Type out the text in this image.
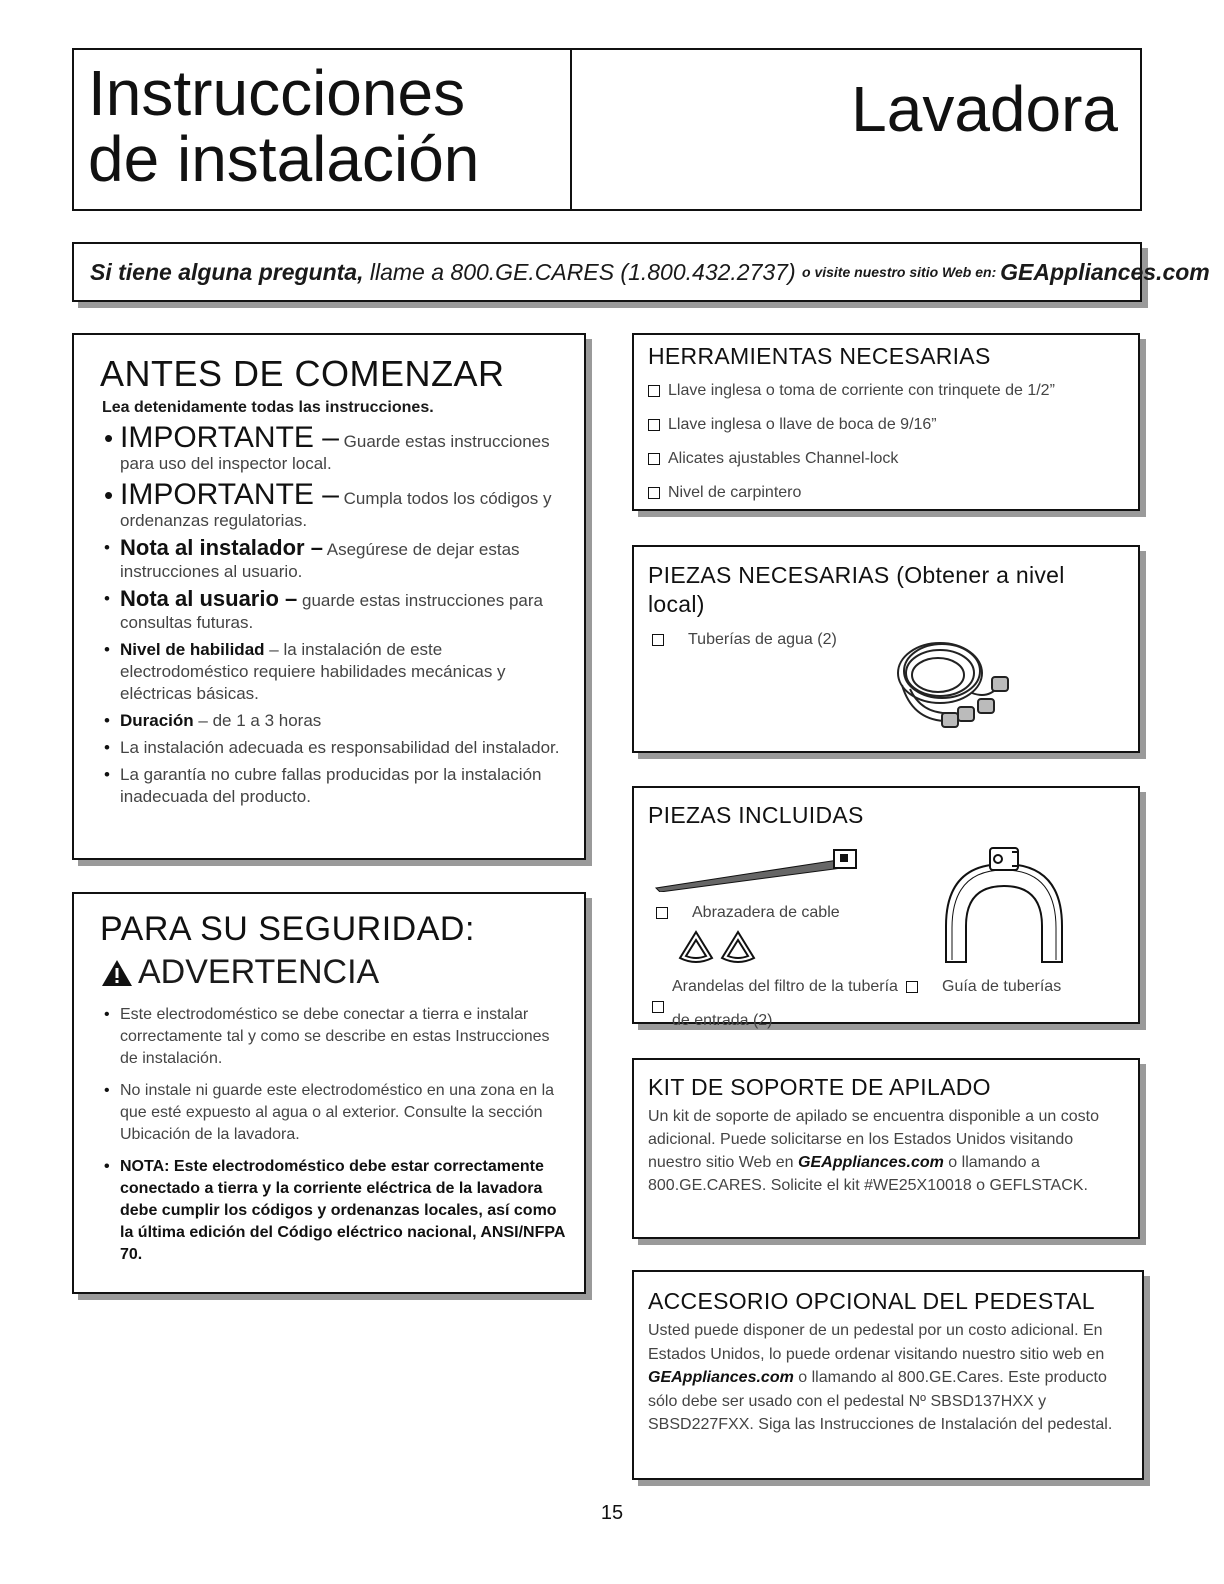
Instrucciones
de instalación
Lavadora
Si tiene alguna pregunta, llame a 800.GE.CARES (1.800.432.2737) o visite nuestro sitio Web en: GEAppliances.com
ANTES DE COMENZAR
Lea detenidamente todas las instrucciones.
• IMPORTANTE – Guarde estas instrucciones para uso del inspector local.
• IMPORTANTE – Cumpla todos los códigos y ordenanzas regulatorias.
• Nota al instalador – Asegúrese de dejar estas instrucciones al usuario.
• Nota al usuario – guarde estas instrucciones para consultas futuras.
• Nivel de habilidad – la instalación de este electrodoméstico requiere habilidades mecánicas y eléctricas básicas.
• Duración – de 1 a 3 horas
• La instalación adecuada es responsabilidad del instalador.
• La garantía no cubre fallas producidas por la instalación inadecuada del producto.
PARA SU SEGURIDAD:
ADVERTENCIA
• Este electrodoméstico se debe conectar a tierra e instalar correctamente tal y como se describe en estas Instrucciones de instalación.
• No instale ni guarde este electrodoméstico en una zona en la que esté expuesto al agua o al exterior. Consulte la sección Ubicación de la lavadora.
• NOTA: Este electrodoméstico debe estar correctamente conectado a tierra y la corriente eléctrica de la lavadora debe cumplir los códigos y ordenanzas locales, así como la última edición del Código eléctrico nacional, ANSI/NFPA 70.
HERRAMIENTAS NECESARIAS
Llave inglesa o toma de corriente con trinquete de 1/2”
Llave inglesa o llave de boca de 9/16”
Alicates ajustables Channel-lock
Nivel de carpintero
PIEZAS NECESARIAS (Obtener a nivel local)
Tuberías de agua (2)
PIEZAS INCLUIDAS
Abrazadera de cable
Arandelas del filtro de la tubería de entrada (2)
Guía de tuberías
KIT DE SOPORTE DE APILADO
Un kit de soporte de apilado se encuentra disponible a un costo adicional. Puede solicitarse en los Estados Unidos visitando nuestro sitio Web en GEAppliances.com o llamando a 800.GE.CARES. Solicite el kit #WE25X10018 o GEFLSTACK.
ACCESORIO OPCIONAL DEL PEDESTAL
Usted puede disponer de un pedestal por un costo adicional. En Estados Unidos, lo puede ordenar visitando nuestro sitio web en GEAppliances.com o llamando al 800.GE.Cares. Este producto sólo debe ser usado con el pedestal Nº SBSD137HXX y SBSD227FXX. Siga las Instrucciones de Instalación del pedestal.
15
